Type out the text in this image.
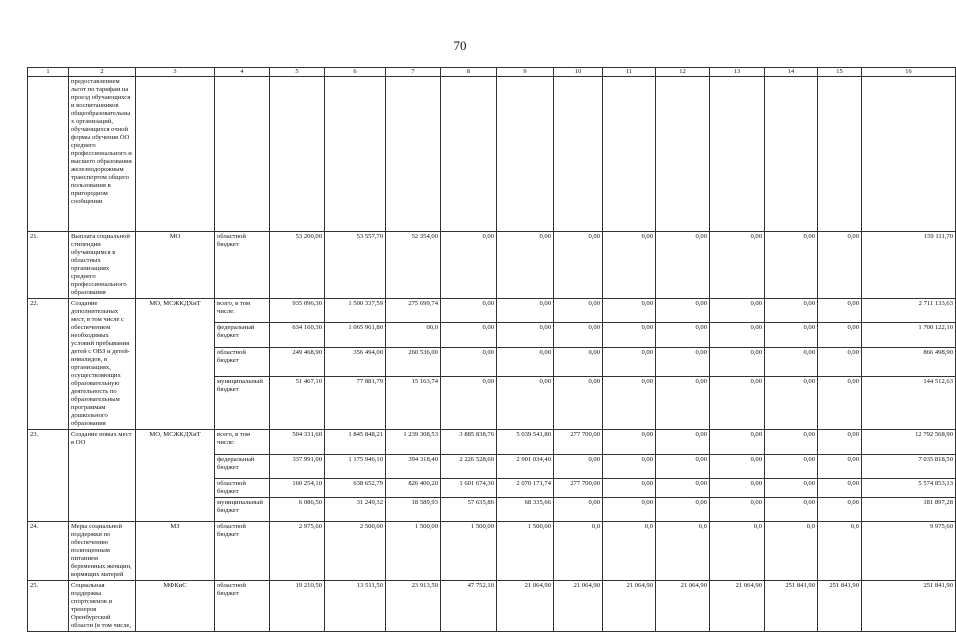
70
1	2	3	4	5	6	7	8	9	10	11	12	13	14	15	16
	предоставлением льгот по тарифам на проезд обучающихся и воспитанников общеобразовательных организаций, обучающихся очной формы обучения ОО среднего профессионального и высшего образования железнодорожным транспортом общего пользования в пригородном сообщении														
21.	Выплата социальной стипендии обучающимся в областных организациях среднего профессионального образования	МО	областной бюджет	53 200,00	53 557,70	52 354,00	0,00	0,00	0,00	0,00	0,00	0,00	0,00	0,00	159 111,70
22.	Создание дополнительных мест, в том числе с обеспечением необходимых условий пребывания детей с ОВЗ и детей-инвалидов, в организациях, осуществляющих образовательную деятельность по образовательным программам дошкольного образования	МО, МСЖКДХиТ	всего, в том числе:	935 096,30	1 500 337,59	275 699,74	0,00	0,00	0,00	0,00	0,00	0,00	0,00	0,00	2 711 133,63
			федеральный бюджет	634 160,30	1 065 961,80	00,0	0,00	0,00	0,00	0,00	0,00	0,00	0,00	0,00	1 700 122,10
			областной бюджет	249 468,90	356 494,00	260 536,00	0,00	0,00	0,00	0,00	0,00	0,00	0,00	0,00	866 498,90
			муниципальный бюджет	51 467,10	77 881,79	15 163,74	0,00	0,00	0,00	0,00	0,00	0,00	0,00	0,00	144 512,63
23.	Создание новых мест в ОО	МО, МСЖКДХиТ	всего, в том числе:	504 331,60	1 845 848,21	1 239 308,53	3 885 838,76	5 039 541,80	277 700,00	0,00	0,00	0,00	0,00	0,00	12 792 568,90
			федеральный бюджет	337 991,00	1 175 946,10	394 318,40	2 226 528,60	2 901 034,40	0,00	0,00	0,00	0,00	0,00	0,00	7 035 818,50
			областной бюджет	160 254,10	638 652,79	826 400,20	1 601 674,30	2 070 171,74	277 700,00	0,00	0,00	0,00	0,00	0,00	5 574 853,13
			муниципальный бюджет	6 086,50	31 249,32	18 589,93	57 635,86	68 335,66	0,00	0,00	0,00	0,00	0,00	0,00	181 897,28
24.	Меры социальной поддержки по обеспечению полноценным питанием беременных женщин, кормящих матерей	МЗ	областной бюджет	2 975,60	2 500,00	1 500,00	1 500,00	1 500,00	0,0	0,0	0,0	0,0	0,0	0,0	9 975,60
25.	Социальная поддержка спортсменов и тренеров Оренбургской области (в том числе,	МФКиС	областной бюджет	19 210,50	13 511,50	23 913,50	47 752,10	21 064,90	21 064,90	21 064,90	21 064,90	21 064,90	251 841,90	251 841,90	251 841,90
